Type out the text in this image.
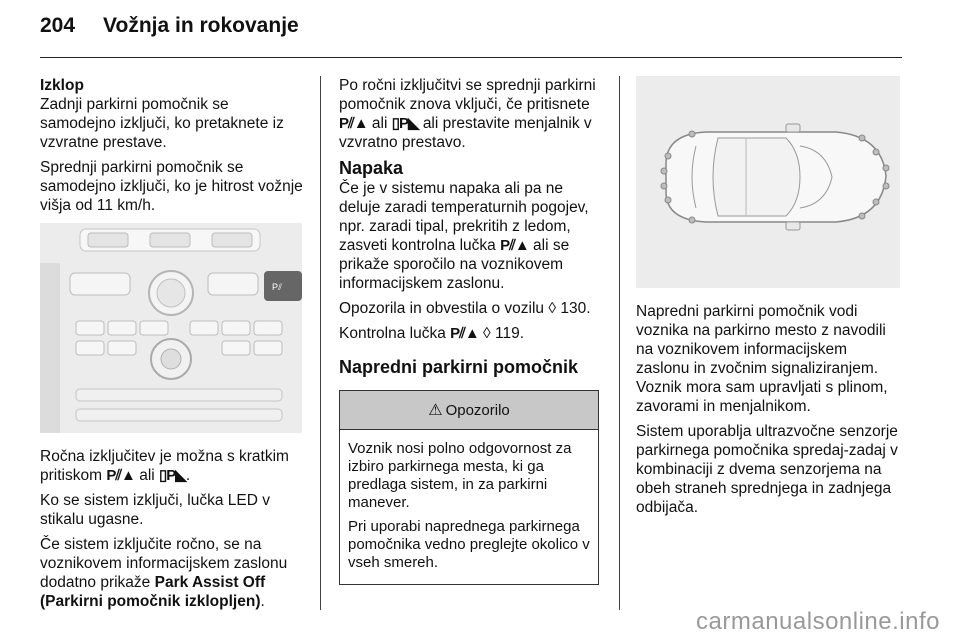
204 Vožnja in rokovanje
Izklop

Zadnji parkirni pomočnik se samodejno izključi, ko pretaknete iz vzvratne prestave.

Sprednji parkirni pomočnik se samodejno izključi, ko je hitrost vožnje višja od 11 km/h.

P⫽

Ročna izključitev je možna s kratkim pritiskom P⫽▲ ali ▯P◣.

Ko se sistem izključi, lučka LED v stikalu ugasne.

Če sistem izključite ročno, se na voznikovem informacijskem zaslonu dodatno prikaže Park Assist Off (Parkirni pomočnik izklopljen).

Po ročni izključitvi se sprednji parkirni pomočnik znova vključi, če pritisnete P⫽▲ ali ▯P◣ ali prestavite menjalnik v vzvratno prestavo.

Napaka

Če je v sistemu napaka ali pa ne deluje zaradi temperaturnih pogojev, npr. zaradi tipal, prekritih z ledom, zasveti kontrolna lučka P⫽▲ ali se prikaže sporočilo na voznikovem informacijskem zaslonu.

Opozorila in obvestila o vozilu ◊ 130.

Kontrolna lučka P⫽▲ ◊ 119.

Napredni parkirni pomočnik
⚠ Opozorilo

Voznik nosi polno odgovornost za izbiro parkirnega mesta, ki ga predlaga sistem, in za parkirni manever.

Pri uporabi naprednega parkirnega pomočnika vedno preglejte okolico v vseh smereh.

Napredni parkirni pomočnik vodi voznika na parkirno mesto z navodili na voznikovem informacijskem zaslonu in zvočnim signaliziranjem. Voznik mora sam upravljati s plinom, zavorami in menjalnikom.

Sistem uporablja ultrazvočne senzorje parkirnega pomočnika spredaj-zadaj v kombinaciji z dvema senzorjema na obeh straneh sprednjega in zadnjega odbijača.

carmanualsonline.info
